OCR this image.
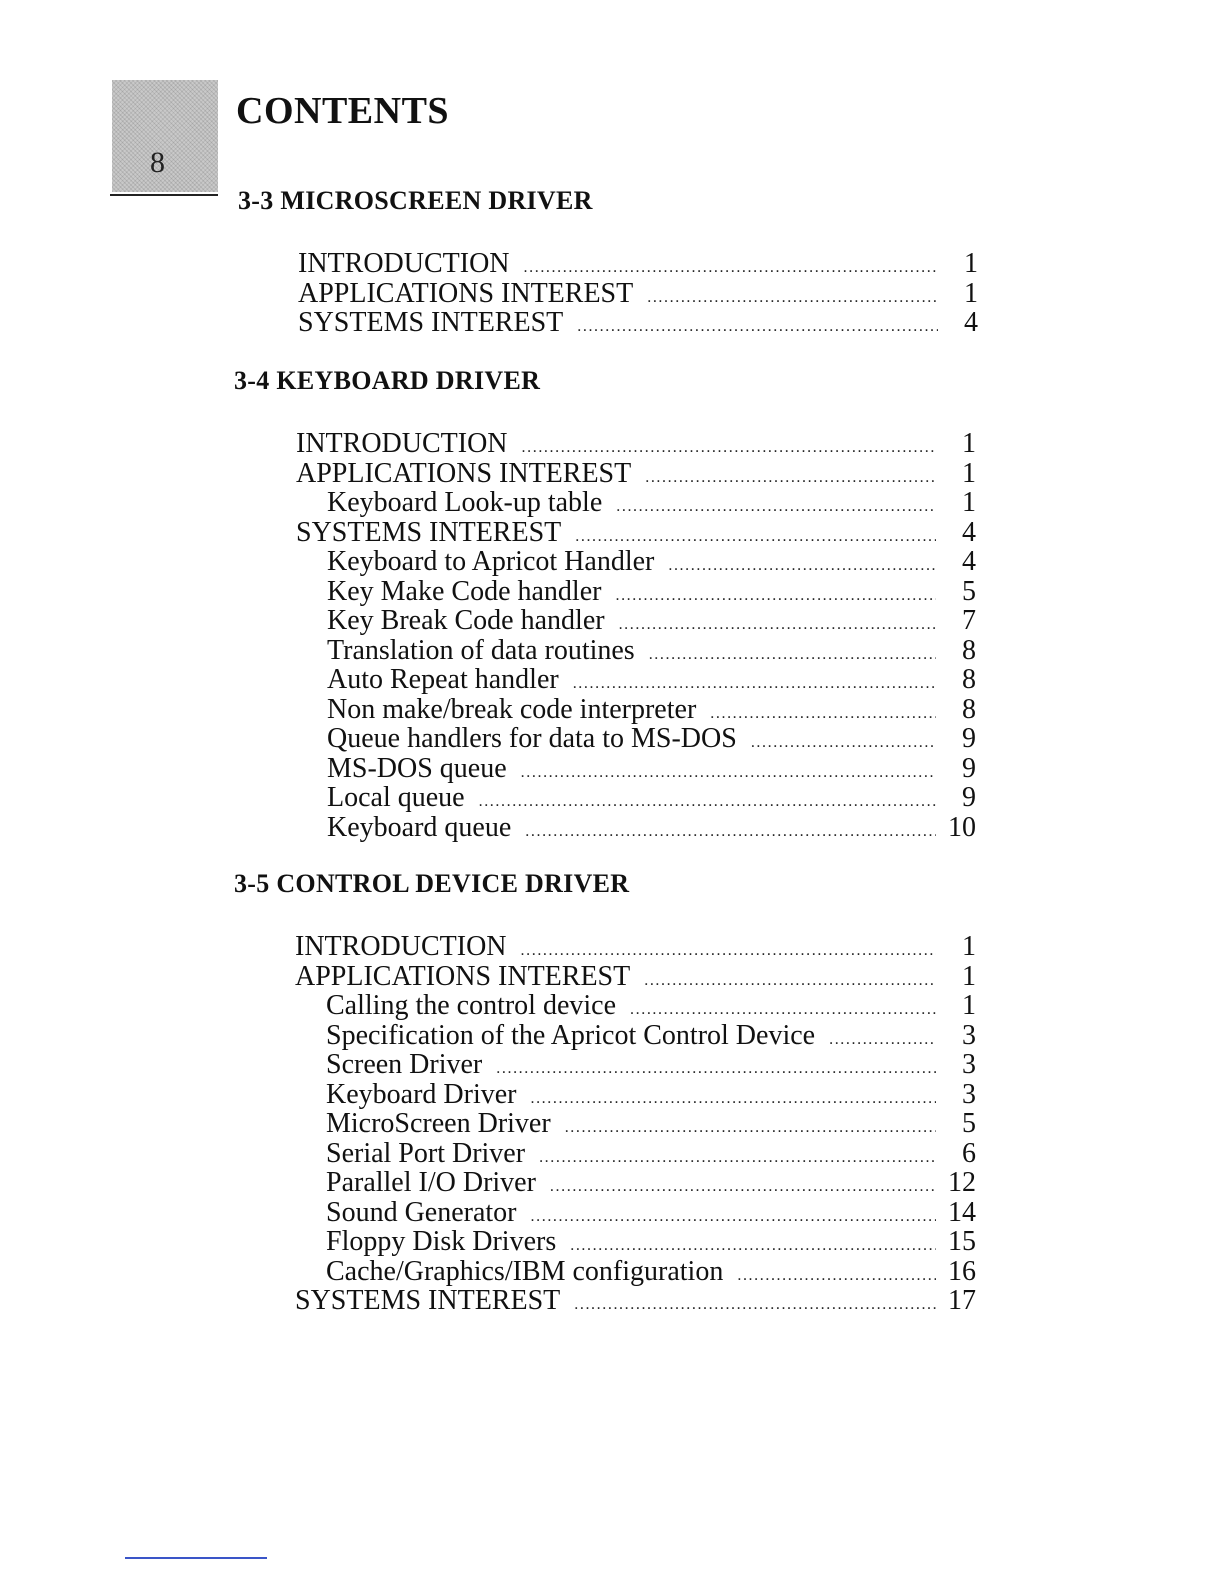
8
CONTENTS
3-3 MICROSCREEN DRIVER
INTRODUCTION .....	1
APPLICATIONS INTEREST .....	1
SYSTEMS INTEREST .....	4
3-4 KEYBOARD DRIVER
INTRODUCTION .....	1
APPLICATIONS INTEREST .....	1
Keyboard Look-up table .....	1
SYSTEMS INTEREST .....	4
Keyboard to Apricot Handler .....	4
Key Make Code handler .....	5
Key Break Code handler .....	7
Translation of data routines .....	8
Auto Repeat handler .....	8
Non make/break code interpreter .....	8
Queue handlers for data to MS-DOS .....	9
MS-DOS queue .....	9
Local queue .....	9
Keyboard queue .....	10
3-5 CONTROL DEVICE DRIVER
INTRODUCTION .....	1
APPLICATIONS INTEREST .....	1
Calling the control device .....	1
Specification of the Apricot Control Device .....	3
Screen Driver .....	3
Keyboard Driver .....	3
MicroScreen Driver .....	5
Serial Port Driver .....	6
Parallel I/O Driver .....	12
Sound Generator .....	14
Floppy Disk Drivers .....	15
Cache/Graphics/IBM configuration .....	16
SYSTEMS INTEREST .....	17
